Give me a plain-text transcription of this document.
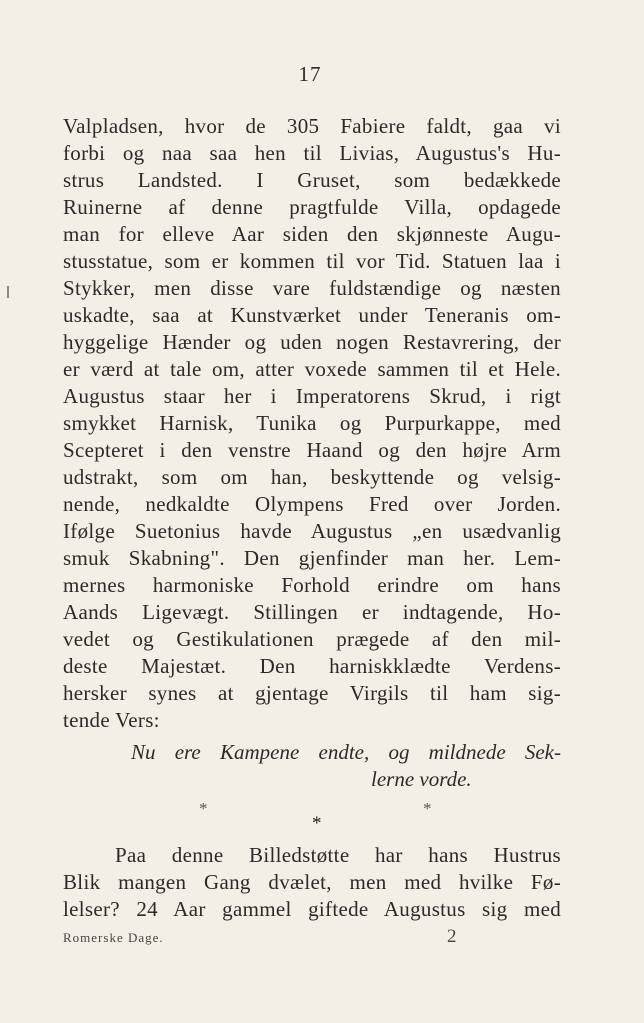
17
Valpladsen, hvor de 305 Fabiere faldt, gaa vi
forbi og naa saa hen til Livias, Augustus's Hu-
strus Landsted. I Gruset, som bedækkede
Ruinerne af denne pragtfulde Villa, opdagede
man for elleve Aar siden den skjønneste Augu-
stusstatue, som er kommen til vor Tid. Statuen laa i
Stykker, men disse vare fuldstændige og næsten
uskadte, saa at Kunstværket under Teneranis om-
hyggelige Hænder og uden nogen Restavrering, der
er værd at tale om, atter voxede sammen til et Hele.
Augustus staar her i Imperatorens Skrud, i rigt
smykket Harnisk, Tunika og Purpurkappe, med
Scepteret i den venstre Haand og den højre Arm
udstrakt, som om han, beskyttende og velsig-
nende, nedkaldte Olympens Fred over Jorden.
Ifølge Suetonius havde Augustus „en usædvanlig
smuk Skabning". Den gjenfinder man her. Lem-
mernes harmoniske Forhold erindre om hans
Aands Ligevægt. Stillingen er indtagende, Ho-
vedet og Gestikulationen prægede af den mil-
deste Majestæt. Den harniskklædte Verdens-
hersker synes at gjentage Virgils til ham sig-
tende Vers:
Nu ere Kampene endte, og mildnede Sek-
lerne vorde.
*	*
*
Paa denne Billedstøtte har hans Hustrus
Blik mangen Gang dvælet, men med hvilke Fø-
lelser? 24 Aar gammel giftede Augustus sig med
Romerske Dage.	2
